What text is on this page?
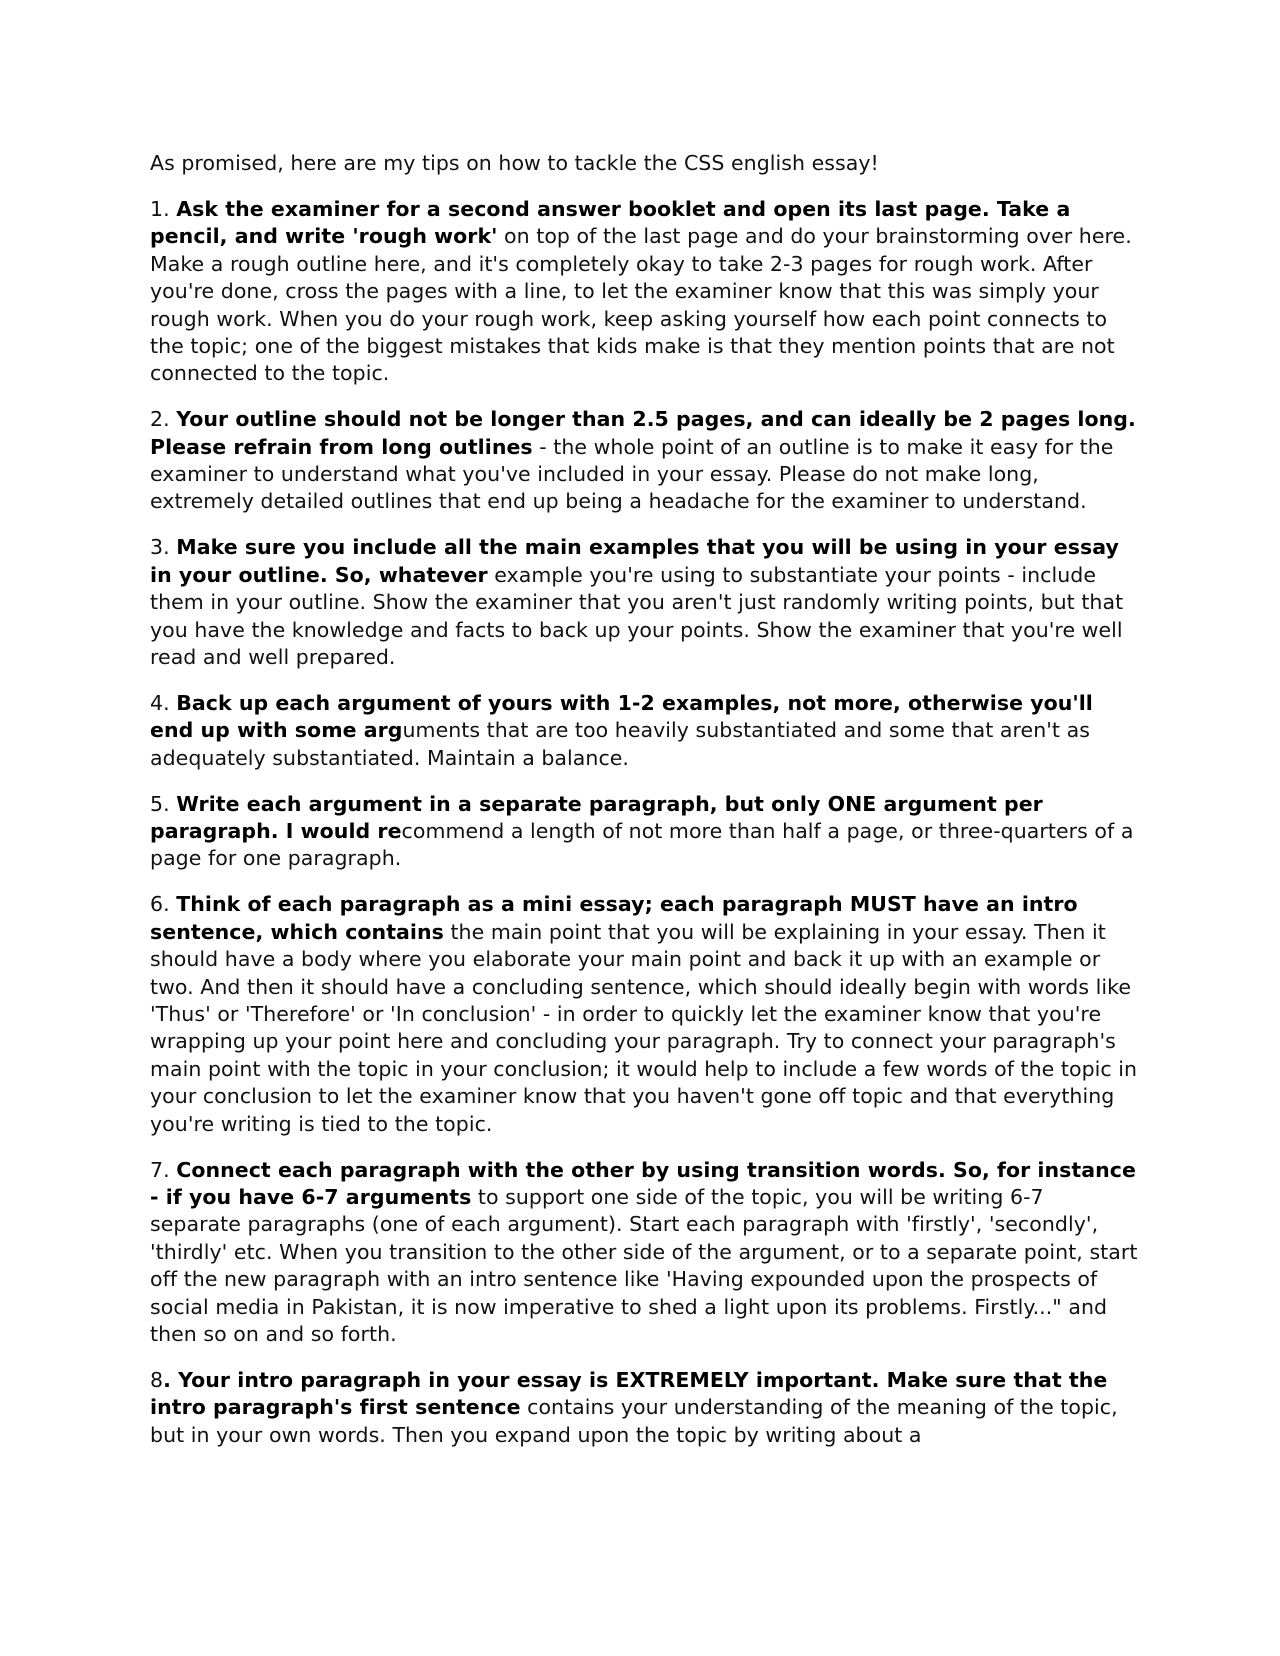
As promised, here are my tips on how to tackle the CSS english essay!

1. Ask the examiner for a second answer booklet and open its last page. Take a pencil, and write 'rough work' on top of the last page and do your brainstorming over here. Make a rough outline here, and it's completely okay to take 2-3 pages for rough work. After you're done, cross the pages with a line, to let the examiner know that this was simply your rough work. When you do your rough work, keep asking yourself how each point connects to the topic; one of the biggest mistakes that kids make is that they mention points that are not connected to the topic.

2. Your outline should not be longer than 2.5 pages, and can ideally be 2 pages long. Please refrain from long outlines - the whole point of an outline is to make it easy for the examiner to understand what you've included in your essay. Please do not make long, extremely detailed outlines that end up being a headache for the examiner to understand.

3. Make sure you include all the main examples that you will be using in your essay in your outline. So, whatever example you're using to substantiate your points - include them in your outline. Show the examiner that you aren't just randomly writing points, but that you have the knowledge and facts to back up your points. Show the examiner that you're well read and well prepared.

4. Back up each argument of yours with 1-2 examples, not more, otherwise you'll end up with some arguments that are too heavily substantiated and some that aren't as adequately substantiated. Maintain a balance.

5. Write each argument in a separate paragraph, but only ONE argument per paragraph. I would recommend a length of not more than half a page, or three-quarters of a page for one paragraph.

6. Think of each paragraph as a mini essay; each paragraph MUST have an intro sentence, which contains the main point that you will be explaining in your essay. Then it should have a body where you elaborate your main point and back it up with an example or two. And then it should have a concluding sentence, which should ideally begin with words like 'Thus' or 'Therefore' or 'In conclusion' - in order to quickly let the examiner know that you're wrapping up your point here and concluding your paragraph. Try to connect your paragraph's main point with the topic in your conclusion; it would help to include a few words of the topic in your conclusion to let the examiner know that you haven't gone off topic and that everything you're writing is tied to the topic.

7. Connect each paragraph with the other by using transition words. So, for instance - if you have 6-7 arguments to support one side of the topic, you will be writing 6-7 separate paragraphs (one of each argument). Start each paragraph with 'firstly', 'secondly', 'thirdly' etc. When you transition to the other side of the argument, or to a separate point, start off the new paragraph with an intro sentence like 'Having expounded upon the prospects of social media in Pakistan, it is now imperative to shed a light upon its problems. Firstly..." and then so on and so forth.

8. Your intro paragraph in your essay is EXTREMELY important. Make sure that the intro paragraph's first sentence contains your understanding of the meaning of the topic, but in your own words. Then you expand upon the topic by writing about a
